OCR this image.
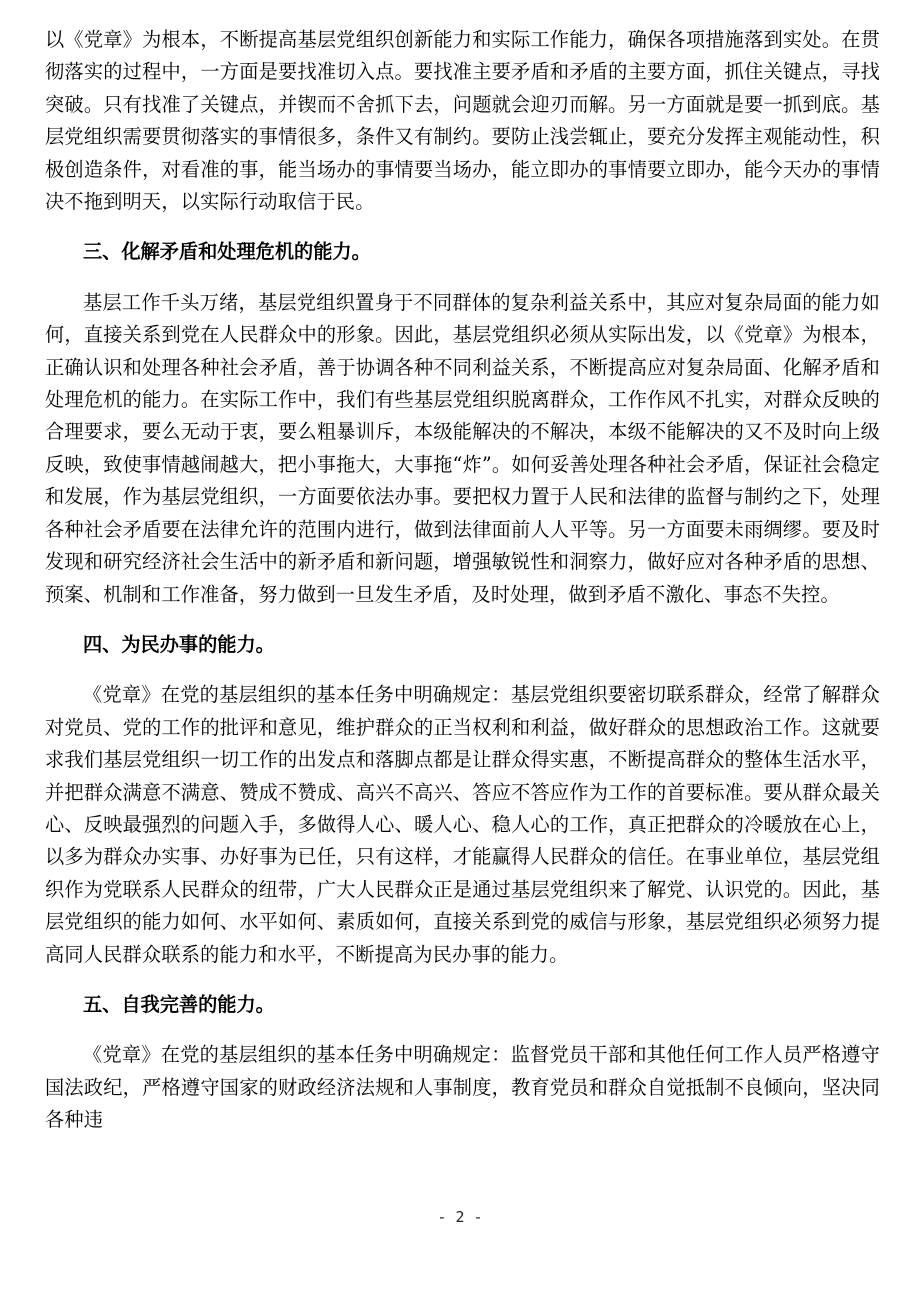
以《党章》为根本，不断提高基层党组织创新能力和实际工作能力，确保各项措施落到实处。在贯彻落实的过程中，一方面是要找准切入点。要找准主要矛盾和矛盾的主要方面，抓住关键点，寻找突破。只有找准了关键点，并锲而不舍抓下去，问题就会迎刃而解。另一方面就是要一抓到底。基层党组织需要贯彻落实的事情很多，条件又有制约。要防止浅尝辄止，要充分发挥主观能动性，积极创造条件，对看准的事，能当场办的事情要当场办，能立即办的事情要立即办，能今天办的事情决不拖到明天，以实际行动取信于民。

三、化解矛盾和处理危机的能力。

基层工作千头万绪，基层党组织置身于不同群体的复杂利益关系中，其应对复杂局面的能力如何，直接关系到党在人民群众中的形象。因此，基层党组织必须从实际出发，以《党章》为根本，正确认识和处理各种社会矛盾，善于协调各种不同利益关系，不断提高应对复杂局面、化解矛盾和处理危机的能力。在实际工作中，我们有些基层党组织脱离群众，工作作风不扎实，对群众反映的合理要求，要么无动于衷，要么粗暴训斥，本级能解决的不解决，本级不能解决的又不及时向上级反映，致使事情越闹越大，把小事拖大，大事拖“炸”。如何妥善处理各种社会矛盾，保证社会稳定和发展，作为基层党组织，一方面要依法办事。要把权力置于人民和法律的监督与制约之下，处理各种社会矛盾要在法律允许的范围内进行，做到法律面前人人平等。另一方面要未雨绸缪。要及时发现和研究经济社会生活中的新矛盾和新问题，增强敏锐性和洞察力，做好应对各种矛盾的思想、预案、机制和工作准备，努力做到一旦发生矛盾，及时处理，做到矛盾不激化、事态不失控。

四、为民办事的能力。

《党章》在党的基层组织的基本任务中明确规定：基层党组织要密切联系群众，经常了解群众对党员、党的工作的批评和意见，维护群众的正当权利和利益，做好群众的思想政治工作。这就要求我们基层党组织一切工作的出发点和落脚点都是让群众得实惠，不断提高群众的整体生活水平，并把群众满意不满意、赞成不赞成、高兴不高兴、答应不答应作为工作的首要标准。要从群众最关心、反映最强烈的问题入手，多做得人心、暖人心、稳人心的工作，真正把群众的冷暖放在心上，以多为群众办实事、办好事为已任，只有这样，才能赢得人民群众的信任。在事业单位，基层党组织作为党联系人民群众的纽带，广大人民群众正是通过基层党组织来了解党、认识党的。因此，基层党组织的能力如何、水平如何、素质如何，直接关系到党的威信与形象，基层党组织必须努力提高同人民群众联系的能力和水平，不断提高为民办事的能力。

五、自我完善的能力。

《党章》在党的基层组织的基本任务中明确规定：监督党员干部和其他任何工作人员严格遵守国法政纪，严格遵守国家的财政经济法规和人事制度，教育党员和群众自觉抵制不良倾向，坚决同各种违

- 2 -
